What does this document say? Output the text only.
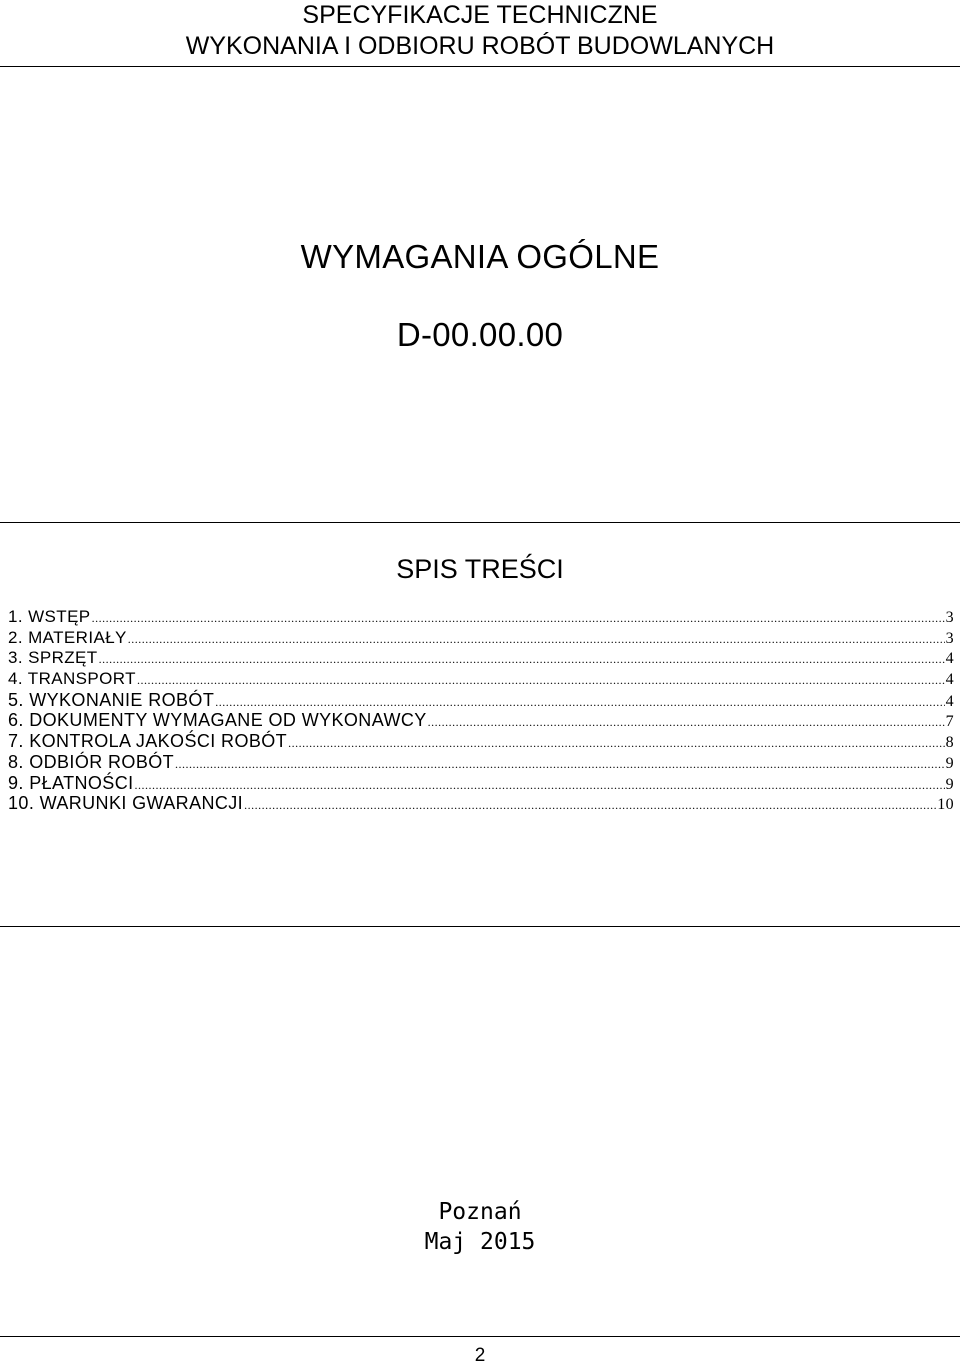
SPECYFIKACJE TECHNICZNE
WYKONANIA I ODBIORU ROBÓT BUDOWLANYCH
WYMAGANIA OGÓLNE
D-00.00.00
SPIS TREŚCI
1. WSTĘP .....	3
2. MATERIAŁY .....	3
3. SPRZĘT .....	4
4. TRANSPORT .....	4
5. WYKONANIE ROBÓT .....	4
6. DOKUMENTY WYMAGANE OD WYKONAWCY .....	7
7. KONTROLA JAKOŚCI ROBÓT .....	8
8. ODBIÓR ROBÓT .....	9
9. PŁATNOŚCI .....	9
10. WARUNKI GWARANCJI .....	10
Poznań
Maj 2015
2
